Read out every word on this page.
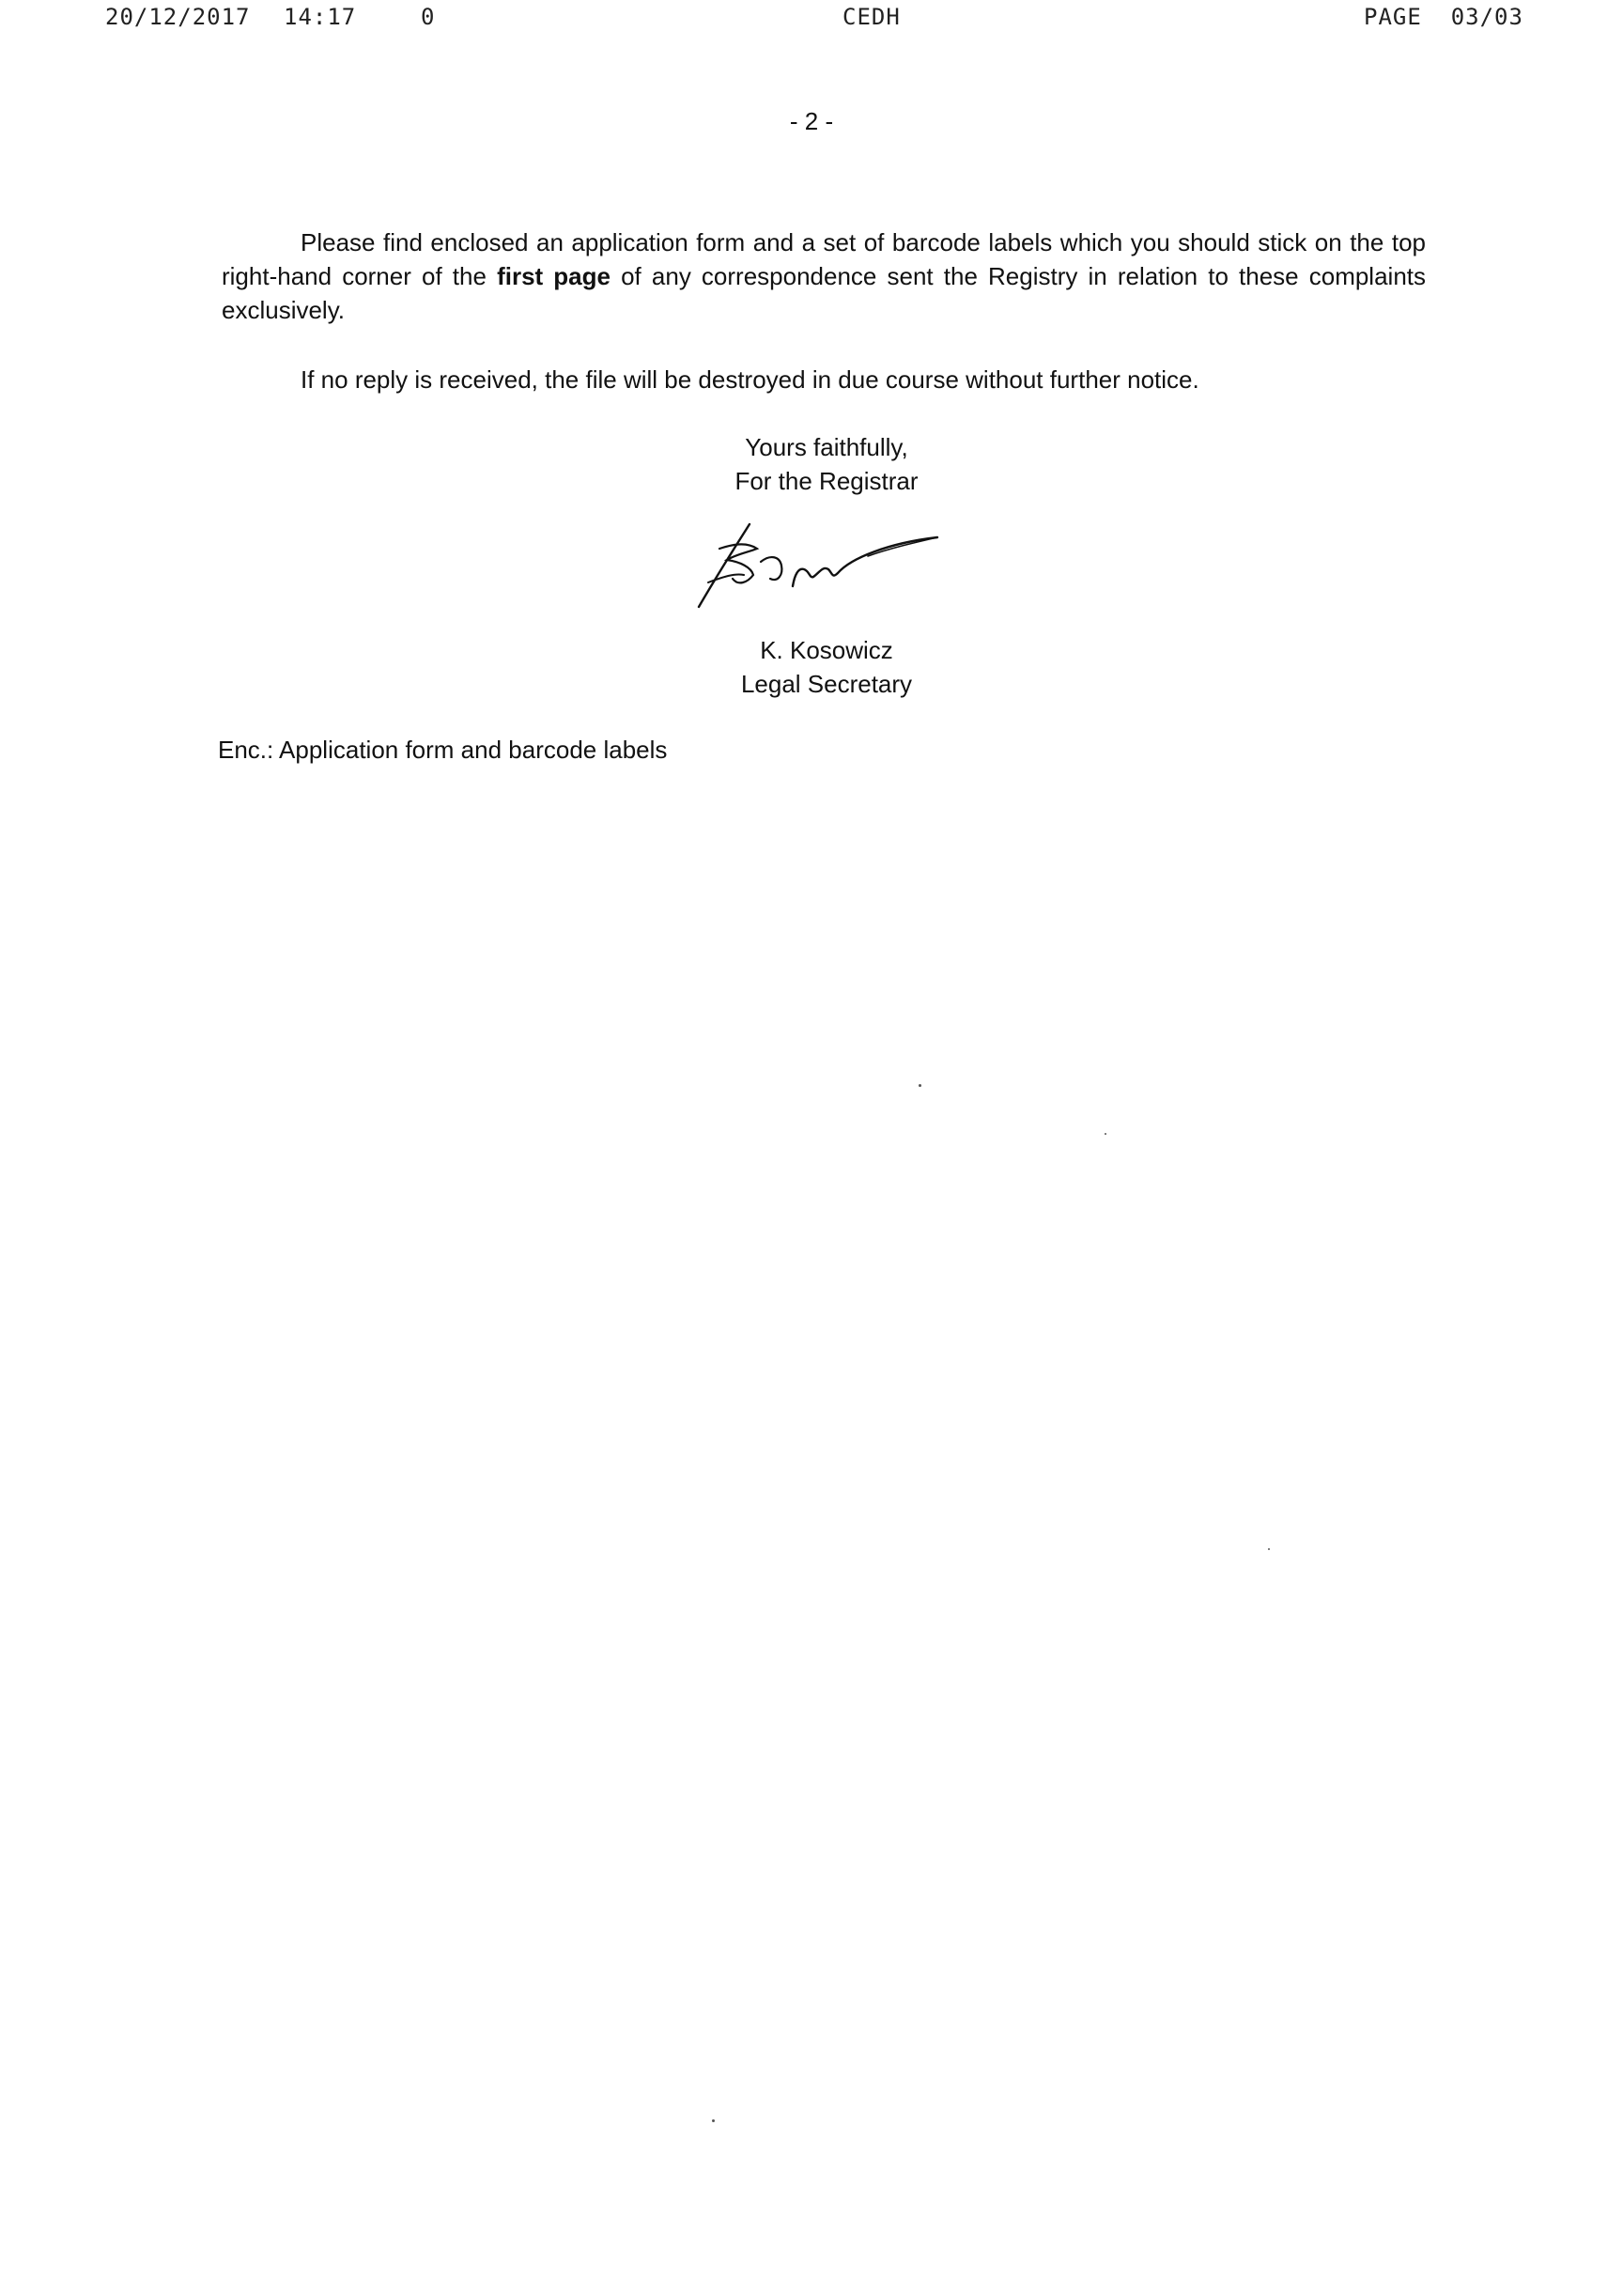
20/12/2017 14:17	0	CEDH	PAGE  03/03
- 2 -
Please find enclosed an application form and a set of barcode labels which you should stick on the top right-hand corner of the first page of any correspondence sent the Registry in relation to these complaints exclusively.
If no reply is received, the file will be destroyed in due course without further notice.
Yours faithfully,
For the Registrar
K. Kosowicz
Legal Secretary
Enc.: Application form and barcode labels
